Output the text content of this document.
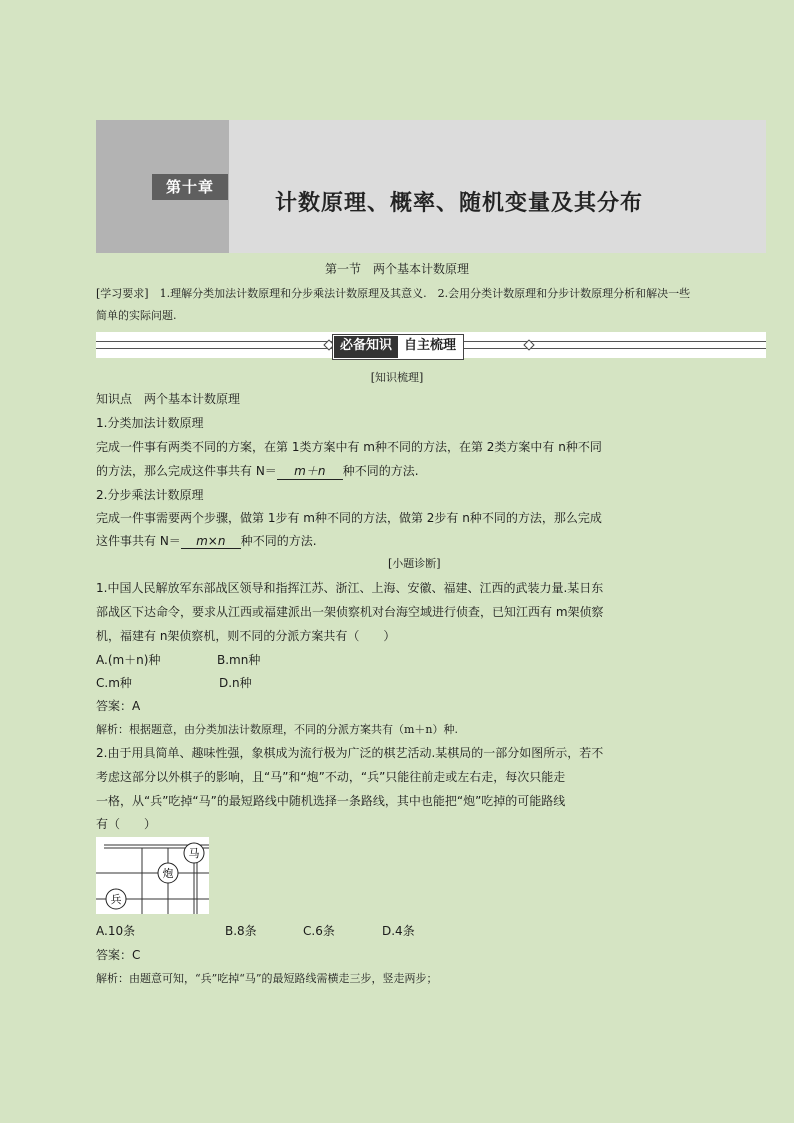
第十章
计数原理、概率、随机变量及其分布
第一节　两个基本计数原理
[学习要求]　1.理解分类加法计数原理和分步乘法计数原理及其意义.　2.会用分类计数原理和分步计数原理分析和解决一些简单的实际问题.
必备知识 自主梳理
[知识梳理]
知识点　两个基本计数原理
1.分类加法计数原理
完成一件事有两类不同的方案，在第 1类方案中有 m种不同的方法，在第 2类方案中有 n种不同
的方法，那么完成这件事共有 N＝ m＋n 种不同的方法.
2.分步乘法计数原理
完成一件事需要两个步骤，做第 1步有 m种不同的方法，做第 2步有 n种不同的方法，那么完成
这件事共有 N＝ m×n 种不同的方法.
[小题诊断]
1.中国人民解放军东部战区领导和指挥江苏、浙江、上海、安徽、福建、江西的武装力量.某日东
部战区下达命令，要求从江西或福建派出一架侦察机对台海空域进行侦查，已知江西有 m架侦察
机，福建有 n架侦察机，则不同的分派方案共有（　　）
A.(m＋n)种	B.mn种
C.m种	D.n种
答案：A
解析：根据题意，由分类加法计数原理，不同的分派方案共有（m＋n）种.
2.由于用具简单、趣味性强，象棋成为流行极为广泛的棋艺活动.某棋局的一部分如图所示，若不
考虑这部分以外棋子的影响，且“马”和“炮”不动，“兵”只能往前走或左右走，每次只能走
一格，从“兵”吃掉“马”的最短路线中随机选择一条路线，其中也能把“炮”吃掉的可能路线
有（　　）
马
炮
兵
A.10条	B.8条	C.6条	D.4条
答案：C
解析：由题意可知，“兵”吃掉“马”的最短路线需横走三步，竖走两步；
